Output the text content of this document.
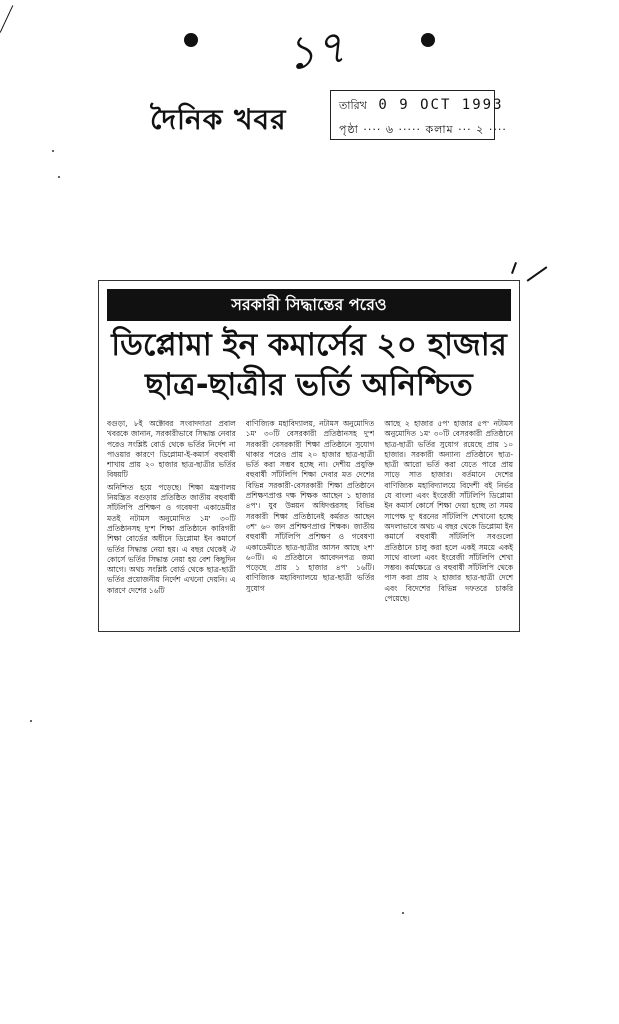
১৭
দৈনিক খবর	তারিখ 0 9 OCT 1993
পৃষ্ঠা ···· ৬ ····· কলাম ··· ২ ····
সরকারী সিদ্ধান্তের পরেও
ডিপ্লোমা ইন কমার্সের ২০ হাজার
ছাত্র-ছাত্রীর ভর্তি অনিশ্চিত

বগুড়া, ৮ই অক্টোবর সংবাদদাতা প্রবাল খবরকে জানান, সরকারীভাবে সিদ্ধান্ত নেবার পরেও সংশ্লিষ্ট বোর্ড থেকে ভর্তির নির্দেশ না পাওয়ার কারণে ডিপ্লোমা-ই-কমার্স বহুবার্ষী শাখায় প্রায় ২০ হাজার ছাত্র-ছাত্রীর ভর্তির বিষয়টি

অনিশ্চিত হয়ে পড়েছে। শিক্ষা মন্ত্রণালয় নিয়ন্ত্রিত বগুড়ায় প্রতিষ্ঠিত জাতীয় বহুবার্ষী সাঁটলিপি প্রশিক্ষণ ও গবেষণা একাডেমীর মতই নটামস অনুমোদিত ১ম' ৩০টি প্রতিষ্ঠানসহ দু'শ শিক্ষা প্রতিষ্ঠানে কারিগরী শিক্ষা বোর্ডের অধীনে ডিপ্লোমা ইন কমার্সে ভর্তির সিদ্ধান্ত নেয়া হয়। এ বছর থেকেই ঐ কোর্সে ভর্তির সিদ্ধান্ত নেয়া হয় বেশ কিছুদিন আগে। অথচ সংশ্লিষ্ট বোর্ড থেকে ছাত্র-ছাত্রী ভর্তির প্রয়োজনীয় নির্দেশ এখনো দেয়নি। এ কারণে দেশের ১৬টি

বাণিজ্যিক মহাবিদ্যালয়, নটামস অনুমোদিত ১ম' ৩০টি বেসরকারী প্রতিষ্ঠানসহ দু'শ সরকারী বেসরকারী শিক্ষা প্রতিষ্ঠানে সুযোগ থাকার পরেও প্রায় ২০ হাজার ছাত্র-ছাত্রী ভর্তি করা সম্ভব হচ্ছে না। দেশীয় প্রযুক্তি বহুবার্ষী সাঁটলিপি শিক্ষা দেবার মত দেশের বিভিন্ন সরকারী-বেসরকারী শিক্ষা প্রতিষ্ঠানে প্রশিক্ষণপ্রাপ্ত দক্ষ শিক্ষক আছেন ১ হাজার ৪প'। যুব উন্নয়ন অধিদপ্তরসহ বিভিন্ন সরকারী শিক্ষা প্রতিষ্ঠানেই কর্মরত আছেন ৩শ' ৬০ জন প্রশিক্ষণপ্রাপ্ত শিক্ষক। জাতীয় বহুবার্ষী সাঁটলিপি প্রশিক্ষণ ও গবেষণা একাডেমীতে ছাত্র-ছাত্রীর আসন আছে ২শ' ৬০টি। এ প্রতিষ্ঠানে আবেদনপত্র জমা পড়েছে প্রায় ১ হাজার ৪প' ১৬টি। বাণিজ্যিক মহাবিদ্যালয়ে ছাত্র-ছাত্রী ভর্তির সুযোগ

আছে ২ হাজার ৫প' হাজার ৫প' নটামস অনুমোদিত ১ম' ৩০টি বেসরকারী প্রতিষ্ঠানে ছাত্র-ছাত্রী ভর্তির সুযোগ রয়েছে প্রায় ১০ হাজার। সরকারী অন্যান্য প্রতিষ্ঠানে ছাত্র-ছাত্রী আরো ভর্তি করা যেতে পারে প্রায় সাড়ে সাত হাজার। বর্তমানে দেশের বাণিজ্যিক মহাবিদ্যালয়ে বিদেশী বই নির্ভর যে বাংলা এবং ইংরেজী সাঁটলিপি ডিপ্লোমা ইন কমার্স কোর্সে শিক্ষা দেয়া হচ্ছে তা সময় সাপেক্ষ দু' ধরনের সাঁটলিপি শেখানো হচ্ছে অদলাভাবে অথচ এ বছর থেকে ডিপ্লোমা ইন কমার্সে বহুবার্ষী সাঁটলিপি সবগুলো প্রতিষ্ঠানে চালু করা হলে একই সময়ে একই সাথে বাংলা এবং ইংরেজী সাঁটলিপি শেখা সম্ভব। কর্মক্ষেত্রে ও বহুবার্ষী সাঁটলিপি থেকে পাস করা প্রায় ২ হাজার ছাত্র-ছাত্রী দেশে এবং বিদেশের বিভিন্ন দফতরে চাকরি পেয়েছে।
